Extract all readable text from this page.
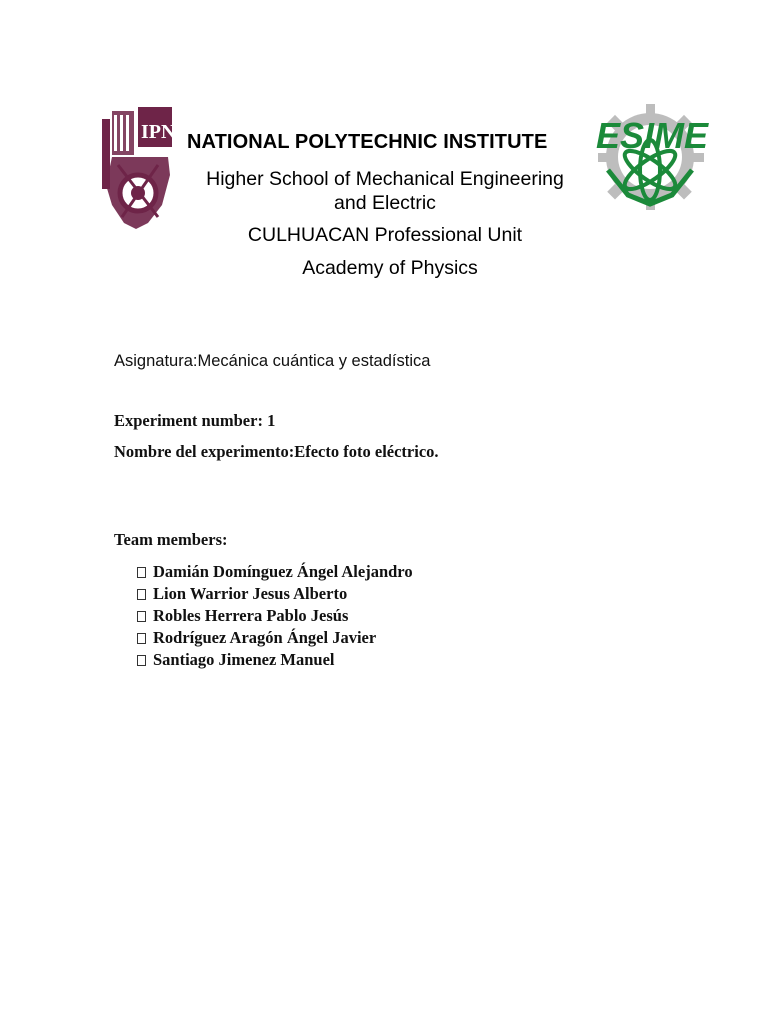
IPN	ESIME
NATIONAL POLYTECHNIC INSTITUTE
Higher School of Mechanical Engineering
and Electric
CULHUACAN Professional Unit
Academy of Physics
Asignatura:Mecánica cuántica y estadística
Experiment number: 1
Nombre del experimento:Efecto foto eléctrico.
Team members:
Damián Domínguez Ángel Alejandro
Lion Warrior Jesus Alberto
Robles Herrera Pablo Jesús
Rodríguez Aragón Ángel Javier
Santiago Jimenez Manuel
